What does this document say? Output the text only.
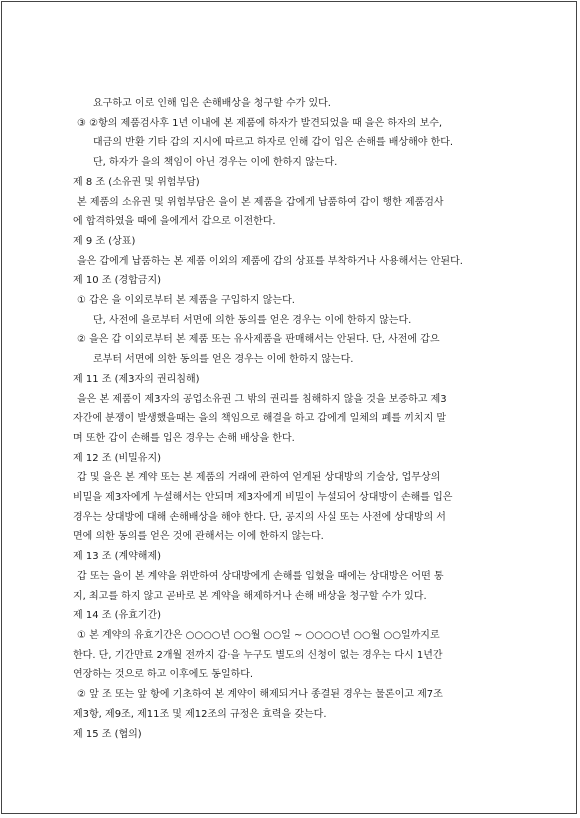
요구하고 이로 인해 입은 손해배상을 청구할 수가 있다.
③ ②항의 제품검사후 1년 이내에 본 제품에 하자가 발견되었을 때 을은 하자의 보수,
대금의 반환 기타 갑의 지시에 따르고 하자로 인해 갑이 입은 손해를 배상해야 한다.
단, 하자가 을의 책임이 아닌 경우는 이에 한하지 않는다.
제 8 조 (소유권 및 위험부담)
본 제품의 소유권 및 위험부담은 을이 본 제품을 갑에게 납품하여 갑이 행한 제품검사
에 합격하였을 때에 을에게서 갑으로 이전한다.
제 9 조 (상표)
을은 갑에게 납품하는 본 제품 이외의 제품에 갑의 상표를 부착하거나 사용해서는 안된다.
제 10 조 (경합금지)
① 갑은 을 이외로부터 본 제품을 구입하지 않는다.
단, 사전에 을로부터 서면에 의한 동의를 얻은 경우는 이에 한하지 않는다.
② 을은 갑 이외로부터 본 제품 또는 유사제품을 판매해서는 안된다. 단, 사전에 갑으
로부터 서면에 의한 동의를 얻은 경우는 이에 한하지 않는다.
제 11 조 (제3자의 권리침해)
을은 본 제품이 제3자의 공업소유권 그 밖의 권리를 침해하지 않을 것을 보증하고 제3
자간에 분쟁이 발생했을때는 을의 책임으로 해결을 하고 갑에게 일체의 폐를 끼치지 말
며 또한 갑이 손해를 입은 경우는 손해 배상을 한다.
제 12 조 (비밀유지)
갑 및 을은 본 계약 또는 본 제품의 거래에 관하여 얻게된 상대방의 기술상, 업무상의
비밀을 제3자에게 누설해서는 안되며 제3자에게 비밀이 누설되어 상대방이 손해를 입은
경우는 상대방에 대해 손해배상을 해야 한다. 단, 공지의 사실 또는 사전에 상대방의 서
면에 의한 동의를 얻은 것에 관해서는 이에 한하지 않는다.
제 13 조 (계약해제)
갑 또는 을이 본 계약을 위반하여 상대방에게 손해를 입혔을 때에는 상대방은 어떤 통
지, 최고를 하지 않고 곧바로 본 계약을 해제하거나 손해 배상을 청구할 수가 있다.
제 14 조 (유효기간)
① 본 계약의 유효기간은 ○○○○년 ○○월 ○○일 ~ ○○○○년 ○○월 ○○일까지로
한다. 단, 기간만료 2개월 전까지 갑·을 누구도 별도의 신청이 없는 경우는 다시 1년간
연장하는 것으로 하고 이후에도 동일하다.
② 앞 조 또는 앞 항에 기초하여 본 계약이 해제되거나 종결된 경우는 물론이고 제7조
제3항, 제9조, 제11조 및 제12조의 규정은 효력을 갖는다.
제 15 조 (협의)
